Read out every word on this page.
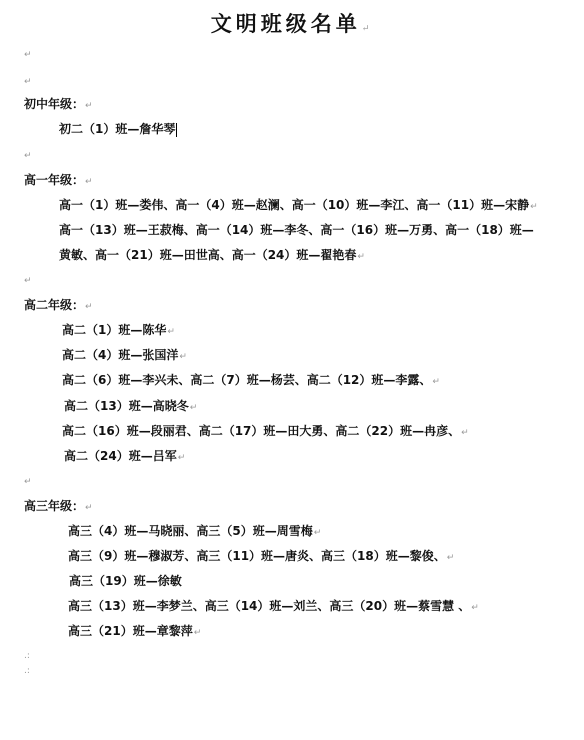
文明班级名单↵
↵
↵
初中年级：↵
初二（1）班—詹华琴
↵
高一年级：↵
高一（1）班—娄伟、高一（4）班—赵澜、高一（10）班—李江、高一（11）班—宋静↵
高一（13）班—王菽梅、高一（14）班—李冬、高一（16）班—万勇、高一（18）班—
黄敏、高一（21）班—田世高、高一（24）班—翟艳春↵
↵
高二年级：↵
高二（1）班—陈华↵
高二（4）班—张国洋↵
高二（6）班—李兴未、高二（7）班—杨芸、高二（12）班—李露、↵
高二（13）班—高晓冬↵
高二（16）班—段丽君、高二（17）班—田大勇、高二（22）班—冉彦、↵
高二（24）班—吕军↵
↵
高三年级：↵
高三（4）班—马晓丽、高三（5）班—周雪梅↵
高三（9）班—穆淑芳、高三（11）班—唐炎、高三（18）班—黎俊、↵
高三（19）班—徐敏
高三（13）班—李梦兰、高三（14）班—刘兰、高三（20）班—蔡雪慧 、↵
高三（21）班—章黎萍↵
.:
.:
